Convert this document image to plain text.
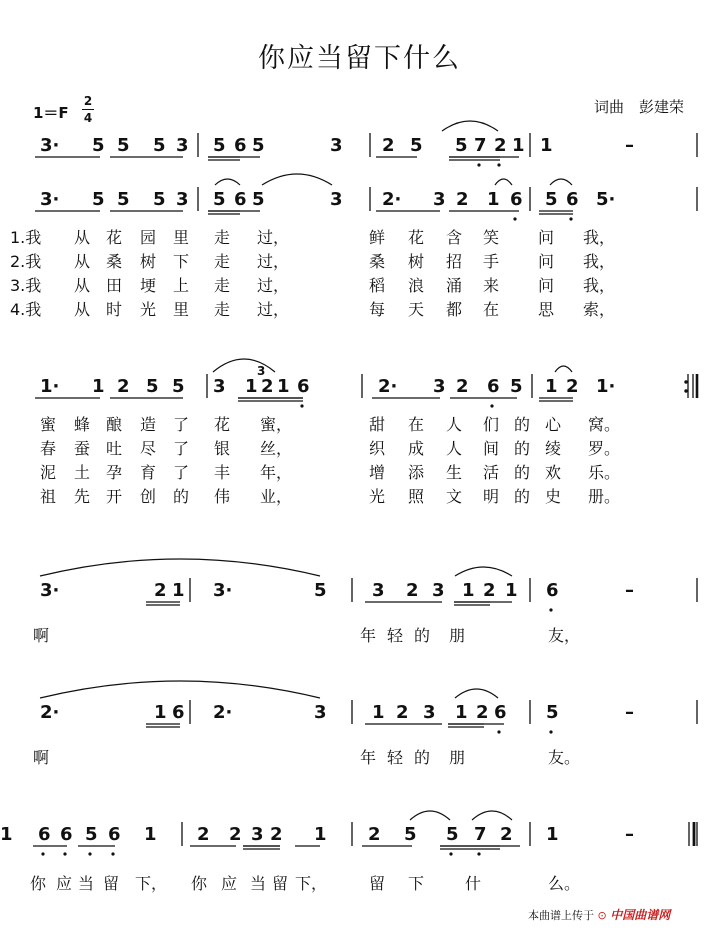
你应当留下什么
1＝F
2
4
词曲　彭建荣
3· 5 5 5 3 5 6 5	3 2 5 5 7 2 1 1	–
3· 5 5 5 3 5 6 5	3 2· 3 2 1 6 5 6 5·
1· 1 2 5 5 3 1 2 1 6	2· 3 2 6 5 1 2 1·
3·	2 1 3·	5	3 2 3 1 2 1 6	–
2·	1 6 2·	3	1 2 3 1 2 6 5	–
6 6 5 6 1 2 2 3 2 1 2 5 5 7 2
1	1	–
3
1.我 从 花 园 里 走 过，	鲜 花 含 笑 问 我，
2.我 从 桑 树 下 走 过，	桑 树 招 手 问 我，
3.我 从 田 埂 上 走 过，	稻 浪 涌 来 问 我，
4.我 从 时 光 里 走 过，	每 天 都 在 思 索，
蜜 蜂 酿 造 了 花 蜜，	甜 在 人 们 的 心 窝。
春 蚕 吐 尽 了 银 丝，	织 成 人 间 的 绫 罗。
泥 土 孕 育 了 丰 年，	增 添 生 活 的 欢 乐。
祖 先 开 创 的 伟 业，	光 照 文 明 的 史 册。
啊	年 轻 的 朋	友，
啊	年 轻 的 朋	友。
你 应 当 留 下， 你 应 当 留 下，	留 下	什	么。
本曲谱上传于 ⊙ 中国曲谱网
